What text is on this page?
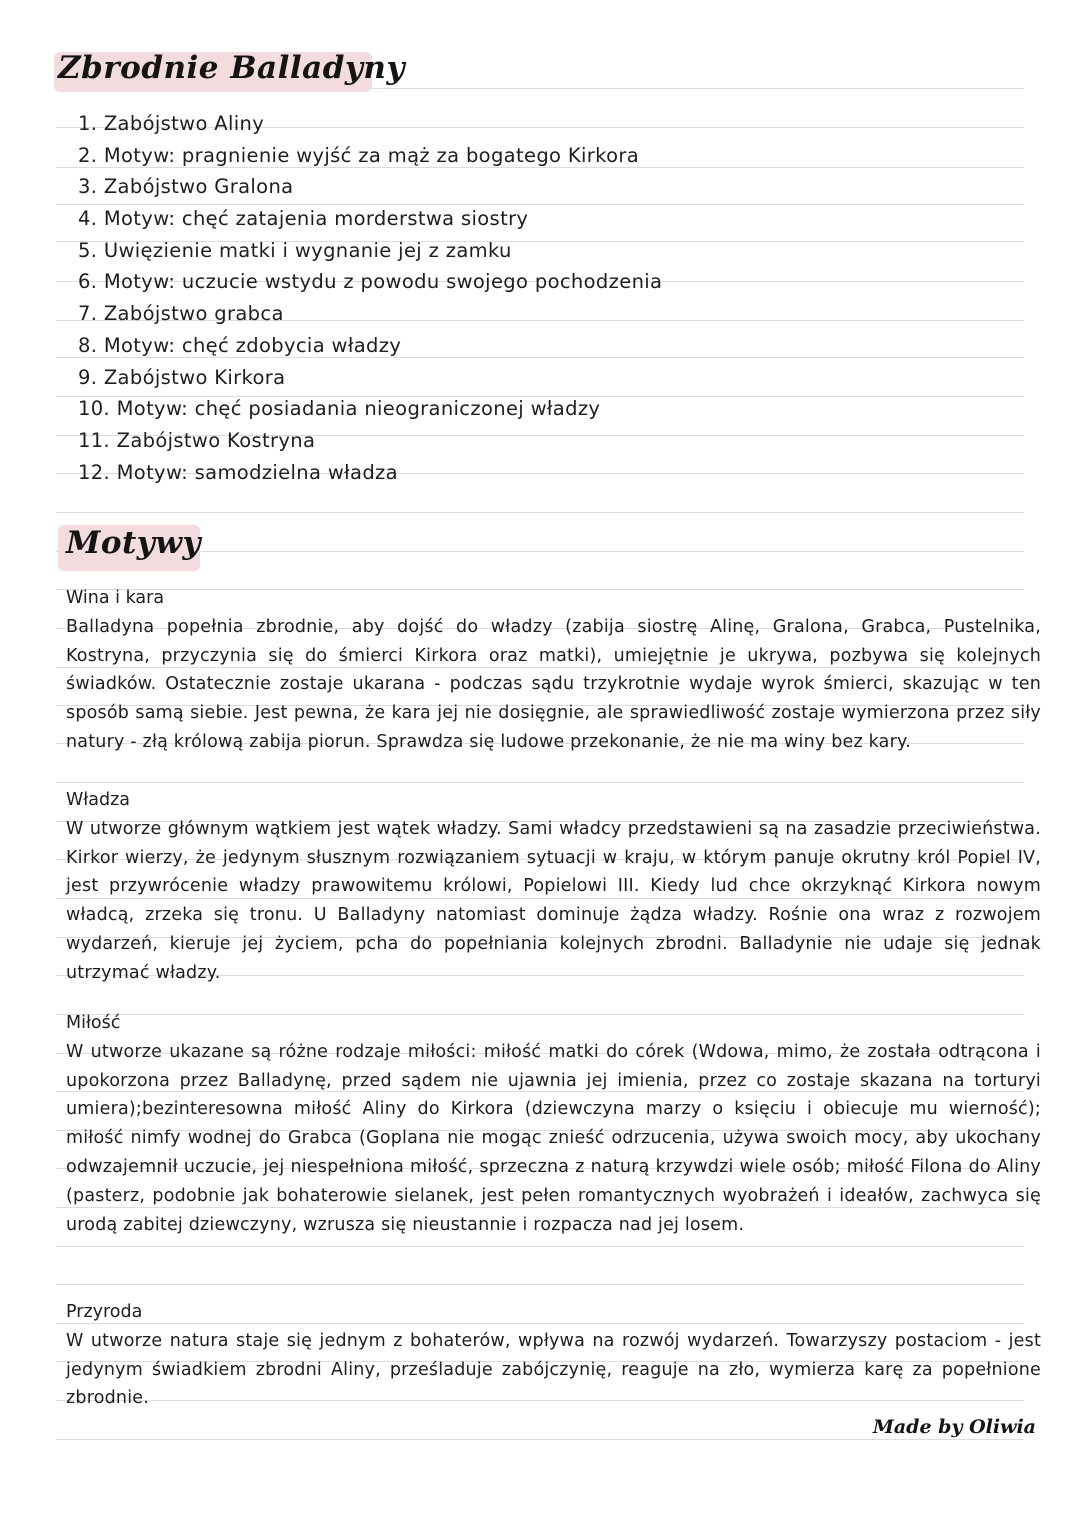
Zbrodnie Balladyny
1. Zabójstwo Aliny
2. Motyw: pragnienie wyjść za mąż za bogatego Kirkora
3. Zabójstwo Gralona
4. Motyw: chęć zatajenia morderstwa siostry
5. Uwięzienie matki i wygnanie jej z zamku
6. Motyw: uczucie wstydu z powodu swojego pochodzenia
7. Zabójstwo grabca
8. Motyw: chęć zdobycia władzy
9. Zabójstwo Kirkora
10. Motyw: chęć posiadania nieograniczonej władzy
11. Zabójstwo Kostryna
12. Motyw: samodzielna władza
Motywy
Wina i kara
Balladyna popełnia zbrodnie, aby dojść do władzy (zabija siostrę Alinę, Gralona, Grabca, Pustelnika, Kostryna, przyczynia się do śmierci Kirkora oraz matki), umiejętnie je ukrywa, pozbywa się kolejnych świadków. Ostatecznie zostaje ukarana - podczas sądu trzykrotnie wydaje wyrok śmierci, skazując w ten sposób samą siebie. Jest pewna, że kara jej nie dosięgnie, ale sprawiedliwość zostaje wymierzona przez siły natury - złą królową zabija piorun. Sprawdza się ludowe przekonanie, że nie ma winy bez kary.
Władza
W utworze głównym wątkiem jest wątek władzy. Sami władcy przedstawieni są na zasadzie przeciwieństwa. Kirkor wierzy, że jedynym słusznym rozwiązaniem sytuacji w kraju, w którym panuje okrutny król Popiel IV, jest przywrócenie władzy prawowitemu królowi, Popielowi III. Kiedy lud chce okrzyknąć Kirkora nowym władcą, zrzeka się tronu. U Balladyny natomiast dominuje żądza władzy. Rośnie ona wraz z rozwojem wydarzeń, kieruje jej życiem, pcha do popełniania kolejnych zbrodni. Balladynie nie udaje się jednak utrzymać władzy.
Miłość
W utworze ukazane są różne rodzaje miłości: miłość matki do córek (Wdowa, mimo, że została odtrącona i upokorzona przez Balladynę, przed sądem nie ujawnia jej imienia, przez co zostaje skazana na torturyi umiera);bezinteresowna miłość Aliny do Kirkora (dziewczyna marzy o księciu i obiecuje mu wierność); miłość nimfy wodnej do Grabca (Goplana nie mogąc znieść odrzucenia, używa swoich mocy, aby ukochany odwzajemnił uczucie, jej niespełniona miłość, sprzeczna z naturą krzywdzi wiele osób; miłość Filona do Aliny (pasterz, podobnie jak bohaterowie sielanek, jest pełen romantycznych wyobrażeń i ideałów, zachwyca się urodą zabitej dziewczyny, wzrusza się nieustannie i rozpacza nad jej losem.
Przyroda
W utworze natura staje się jednym z bohaterów, wpływa na rozwój wydarzeń. Towarzyszy postaciom - jest jedynym świadkiem zbrodni Aliny, prześladuje zabójczynię, reaguje na zło, wymierza karę za popełnione zbrodnie.
Made by Oliwia
